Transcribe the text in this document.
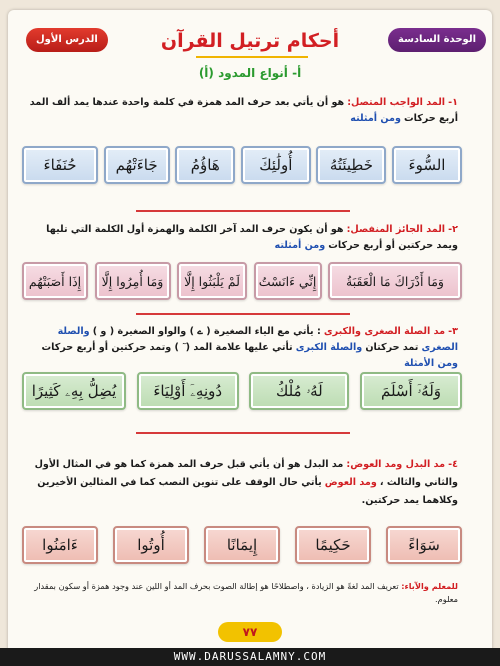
الوحدة السادسة
الدرس الأول	أحكام ترتيل القرآن
أ- أنواع المدود (أ)
١- المد الواجب المتصل: هو أن يأتي بعد حرف المد همزة في كلمة واحدة عندها يمد ألف المد أربع حركات ومن أمثلته
حُنَفَاءَ	جَاءَتْهُم	هَاؤُمُ	أُولَٰئِكَ	خَطِيئَتُهُ	السُّوءَ
٢- المد الجائز المنفصل: هو أن يكون حرف المد آخر الكلمة والهمزة أول الكلمة التي تليها ويمد حركتين أو أربع حركات ومن أمثلته
إِذَا أَصَبَتْهُم	وَمَا أُمِرُوا إِلَّا	لَمْ يَلْبَثُوا إِلَّا	إِنِّي ءَانَسْتُ	وَمَا أَدْرَاكَ مَا الْعَقَبَةُ
٣- مد الصلة الصغرى والكبرى : يأتي مع الياء الصغيرة ( ے ) والواو الصغيرة ( و ) والصلة الصغرى تمد حركتان والصلة الكبرى تأتي عليها علامة المد ( ٓ ) وتمد حركتين أو أربع حركات ومن الأمثلة
يُضِلُّ بِهِۦ كَثِيرًا	دُونِهِۦٓ أَوْلِيَاءَ	لَهُۥ مُلْكُ	وَلَهُۥٓ أَسْلَمَ
٤- مد البدل ومد العوض: مد البدل هو أن يأتي قبل حرف المد همزة كما هو في المثال الأول والثاني والثالث ، ومد العوض يأتي حال الوقف على تنوين النصب كما في المثالين الأخيرين وكلاهما يمد حركتين.
ءَامَنُوا	أُوتُوا	إِيمَانًا	حَكِيمًا	سَوَاءً
للمعلم والآباء: تعريف المد لغةً هو الزيادة ، واصطلاحًا هو إطالة الصوت بحرف المد أو اللين عند وجود همزة أو سكون بمقدار معلوم.
٧٧
WWW.DARUSSALAMNY.COM
